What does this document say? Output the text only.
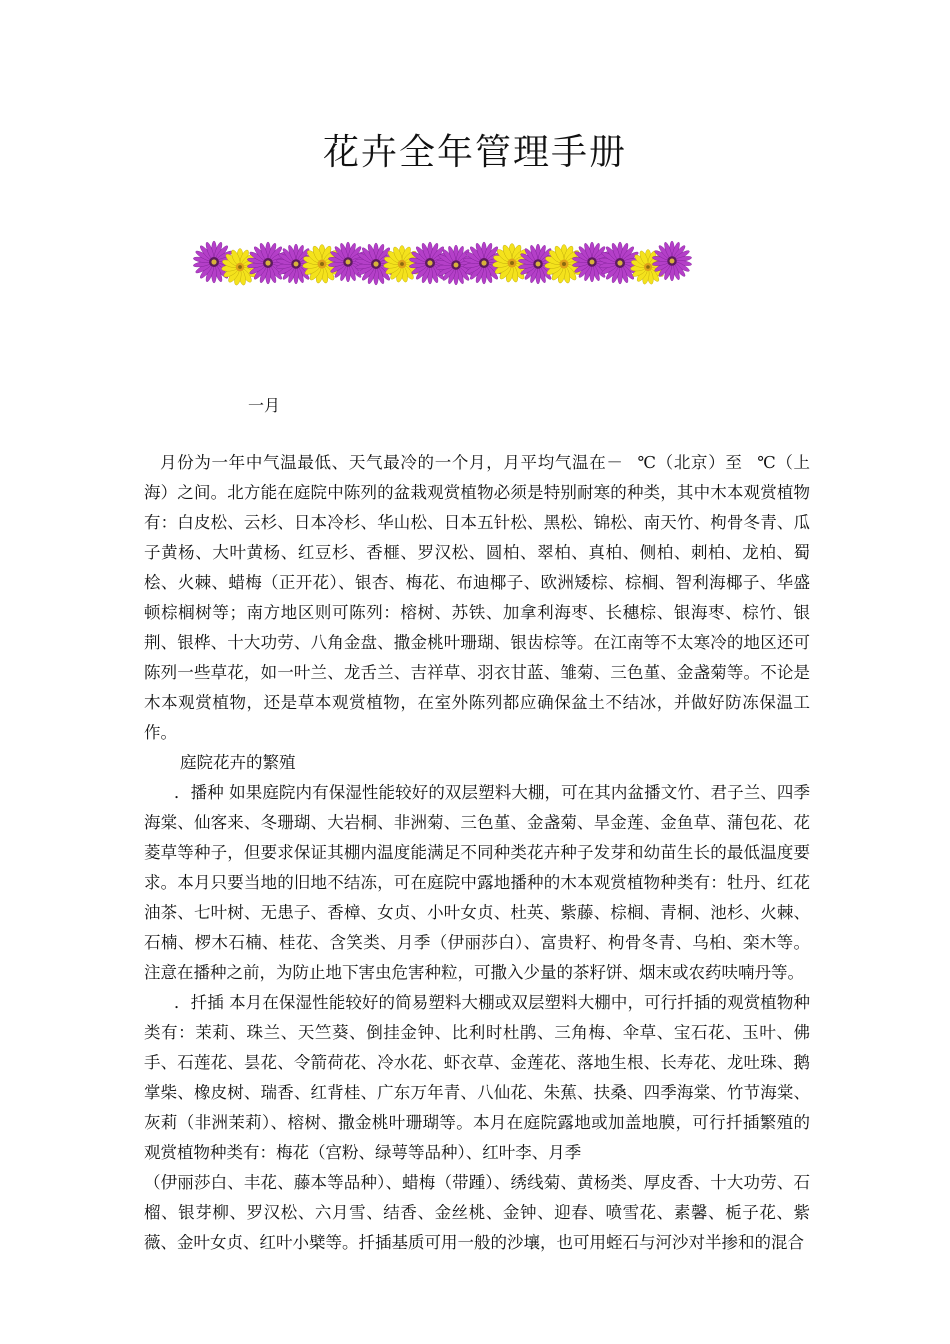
花卉全年管理手册
一月

月份为一年中气温最低、天气最冷的一个月，月平均气温在－ ℃（北京）至 ℃（上海）之间。北方能在庭院中陈列的盆栽观赏植物必须是特别耐寒的种类，其中木本观赏植物有：白皮松、云杉、日本冷杉、华山松、日本五针松、黑松、锦松、南天竹、枸骨冬青、瓜子黄杨、大叶黄杨、红豆杉、香榧、罗汉松、圆柏、翠柏、真柏、侧柏、刺柏、龙柏、蜀桧、火棘、蜡梅（正开花）、银杏、梅花、布迪椰子、欧洲矮棕、棕榈、智利海椰子、华盛顿棕榈树等；南方地区则可陈列：榕树、苏铁、加拿利海枣、长穗棕、银海枣、棕竹、银荆、银桦、十大功劳、八角金盘、撒金桃叶珊瑚、银齿棕等。在江南等不太寒冷的地区还可陈列一些草花，如一叶兰、龙舌兰、吉祥草、羽衣甘蓝、雏菊、三色堇、金盏菊等。不论是木本观赏植物，还是草本观赏植物，在室外陈列都应确保盆土不结冰，并做好防冻保温工作。

庭院花卉的繁殖

．播种 如果庭院内有保湿性能较好的双层塑料大棚，可在其内盆播文竹、君子兰、四季海棠、仙客来、冬珊瑚、大岩桐、非洲菊、三色堇、金盏菊、旱金莲、金鱼草、蒲包花、花菱草等种子，但要求保证其棚内温度能满足不同种类花卉种子发芽和幼苗生长的最低温度要求。本月只要当地的旧地不结冻，可在庭院中露地播种的木本观赏植物种类有：牡丹、红花油茶、七叶树、无患子、香樟、女贞、小叶女贞、杜英、紫藤、棕榈、青桐、池杉、火棘、石楠、椤木石楠、桂花、含笑类、月季（伊丽莎白）、富贵籽、枸骨冬青、乌桕、栾木等。注意在播种之前，为防止地下害虫危害种粒，可撒入少量的茶籽饼、烟末或农药呋喃丹等。

．扦插 本月在保湿性能较好的简易塑料大棚或双层塑料大棚中，可行扦插的观赏植物种类有：茉莉、珠兰、天竺葵、倒挂金钟、比利时杜鹃、三角梅、伞草、宝石花、玉叶、佛手、石莲花、昙花、令箭荷花、冷水花、虾衣草、金莲花、落地生根、长寿花、龙吐珠、鹅掌柴、橡皮树、瑞香、红背桂、广东万年青、八仙花、朱蕉、扶桑、四季海棠、竹节海棠、灰莉（非洲茉莉）、榕树、撒金桃叶珊瑚等。本月在庭院露地或加盖地膜，可行扦插繁殖的观赏植物种类有：梅花（宫粉、绿萼等品种）、红叶李、月季

（伊丽莎白、丰花、藤本等品种）、蜡梅（带踵）、绣线菊、黄杨类、厚皮香、十大功劳、石榴、银芽柳、罗汉松、六月雪、结香、金丝桃、金钟、迎春、喷雪花、素馨、栀子花、紫薇、金叶女贞、红叶小檗等。扦插基质可用一般的沙壤，也可用蛭石与河沙对半掺和的混合
